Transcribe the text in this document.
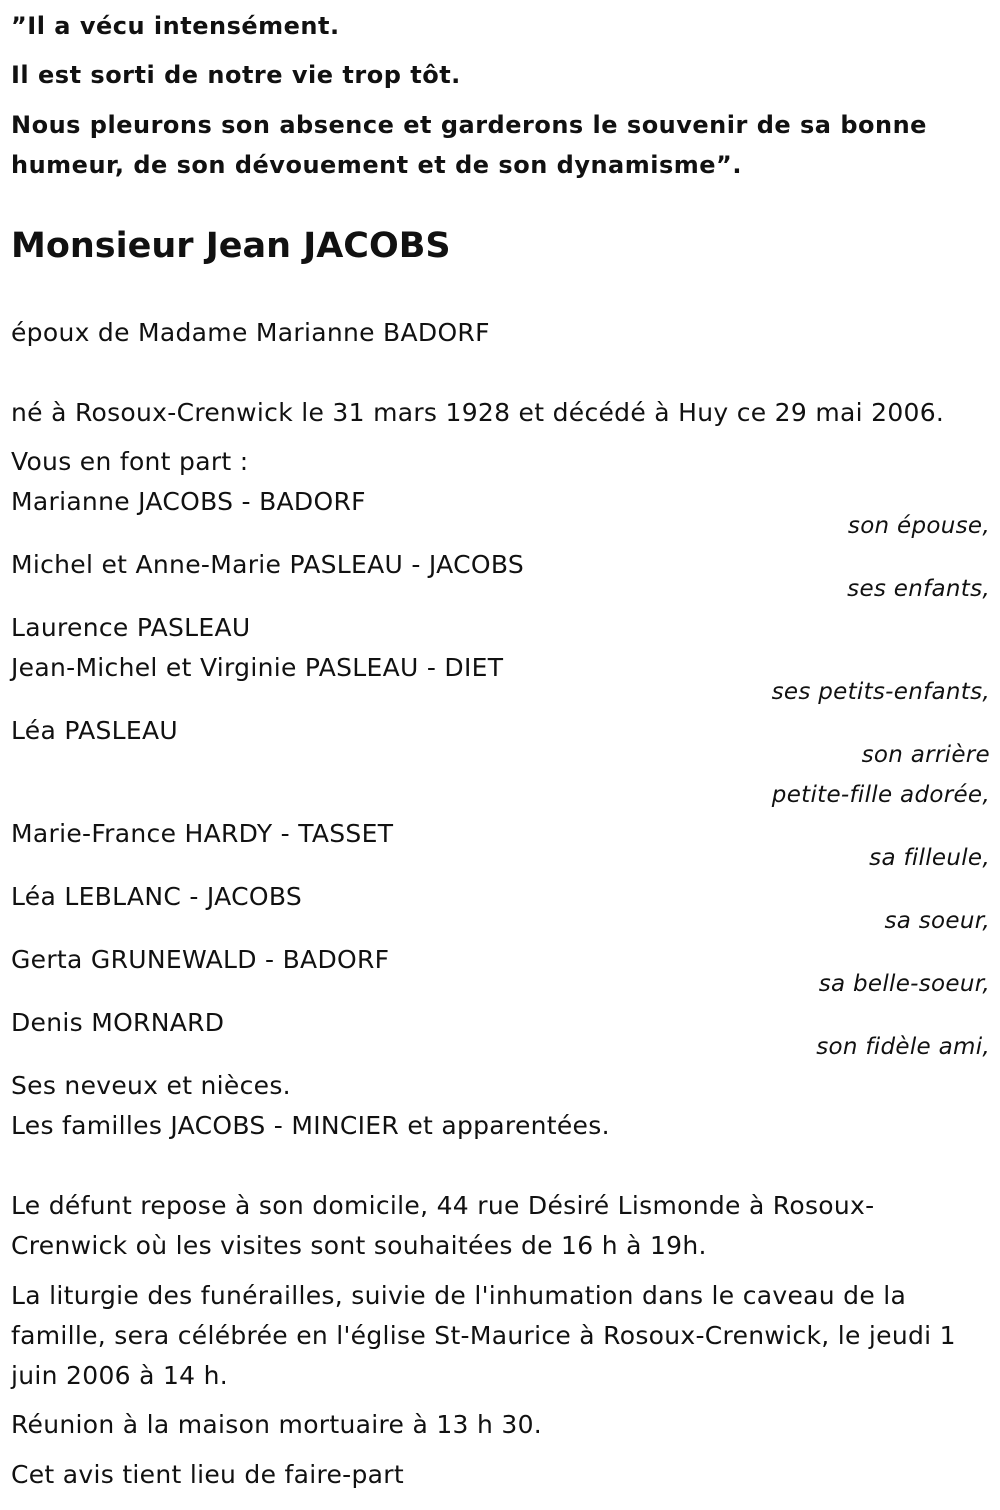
”Il a vécu intensément.
Il est sorti de notre vie trop tôt.
Nous pleurons son absence et garderons le souvenir de sa bonne
humeur, de son dévouement et de son dynamisme”.
Monsieur Jean JACOBS
époux de Madame Marianne BADORF
né à Rosoux-Crenwick le 31 mars 1928 et décédé à Huy ce 29 mai 2006.
Vous en font part :
Marianne JACOBS - BADORF
son épouse,
Michel et Anne-Marie PASLEAU - JACOBS
ses enfants,
Laurence PASLEAU
Jean-Michel et Virginie PASLEAU - DIET
ses petits-enfants,
Léa PASLEAU
son arrière
petite-fille adorée,
Marie-France HARDY - TASSET
sa filleule,
Léa LEBLANC - JACOBS
sa soeur,
Gerta GRUNEWALD - BADORF
sa belle-soeur,
Denis MORNARD
son fidèle ami,
Ses neveux et nièces.
Les familles JACOBS - MINCIER et apparentées.
Le défunt repose à son domicile, 44 rue Désiré Lismonde à Rosoux-
Crenwick où les visites sont souhaitées de 16 h à 19h.
La liturgie des funérailles, suivie de l'inhumation dans le caveau de la
famille, sera célébrée en l'église St-Maurice à Rosoux-Crenwick, le jeudi 1
juin 2006 à 14 h.
Réunion à la maison mortuaire à 13 h 30.
Cet avis tient lieu de faire-part
